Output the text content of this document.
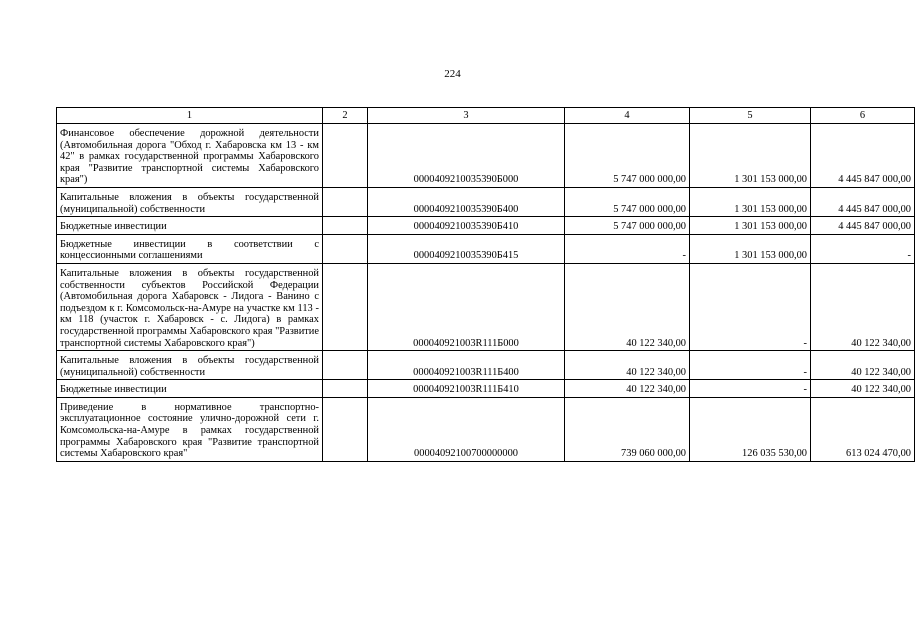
224
1	2	3	4	5	6
Финансовое обеспечение дорожной деятельности (Автомобильная дорога "Обход г. Хабаровска км 13 - км 42" в рамках государственной программы Хабаровского края "Развитие транспортной системы Хабаровского края")		0000409210035390Б000	5 747 000 000,00	1 301 153 000,00	4 445 847 000,00
Капитальные вложения в объекты государственной (муниципальной) собственности		0000409210035390Б400	5 747 000 000,00	1 301 153 000,00	4 445 847 000,00
Бюджетные инвестиции		0000409210035390Б410	5 747 000 000,00	1 301 153 000,00	4 445 847 000,00
Бюджетные инвестиции в соответствии с концессионными соглашениями		0000409210035390Б415	-	1 301 153 000,00	-
Капитальные вложения в объекты государственной собственности субъектов Российской Федерации (Автомобильная дорога Хабаровск - Лидога - Ванино с подъездом к г. Комсомольск-на-Амуре на участке км 113 - км 118 (участок г. Хабаровск - с. Лидога) в рамках государственной программы Хабаровского края "Развитие транспортной системы Хабаровского края")		000040921003R111Б000	40 122 340,00	-	40 122 340,00
Капитальные вложения в объекты государственной (муниципальной) собственности		000040921003R111Б400	40 122 340,00	-	40 122 340,00
Бюджетные инвестиции		000040921003R111Б410	40 122 340,00	-	40 122 340,00
Приведение в нормативное транспортно-эксплуатационное состояние улично-дорожной сети г. Комсомольска-на-Амуре в рамках государственной программы Хабаровского края "Развитие транспортной системы Хабаровского края"		00004092100700000000	739 060 000,00	126 035 530,00	613 024 470,00
